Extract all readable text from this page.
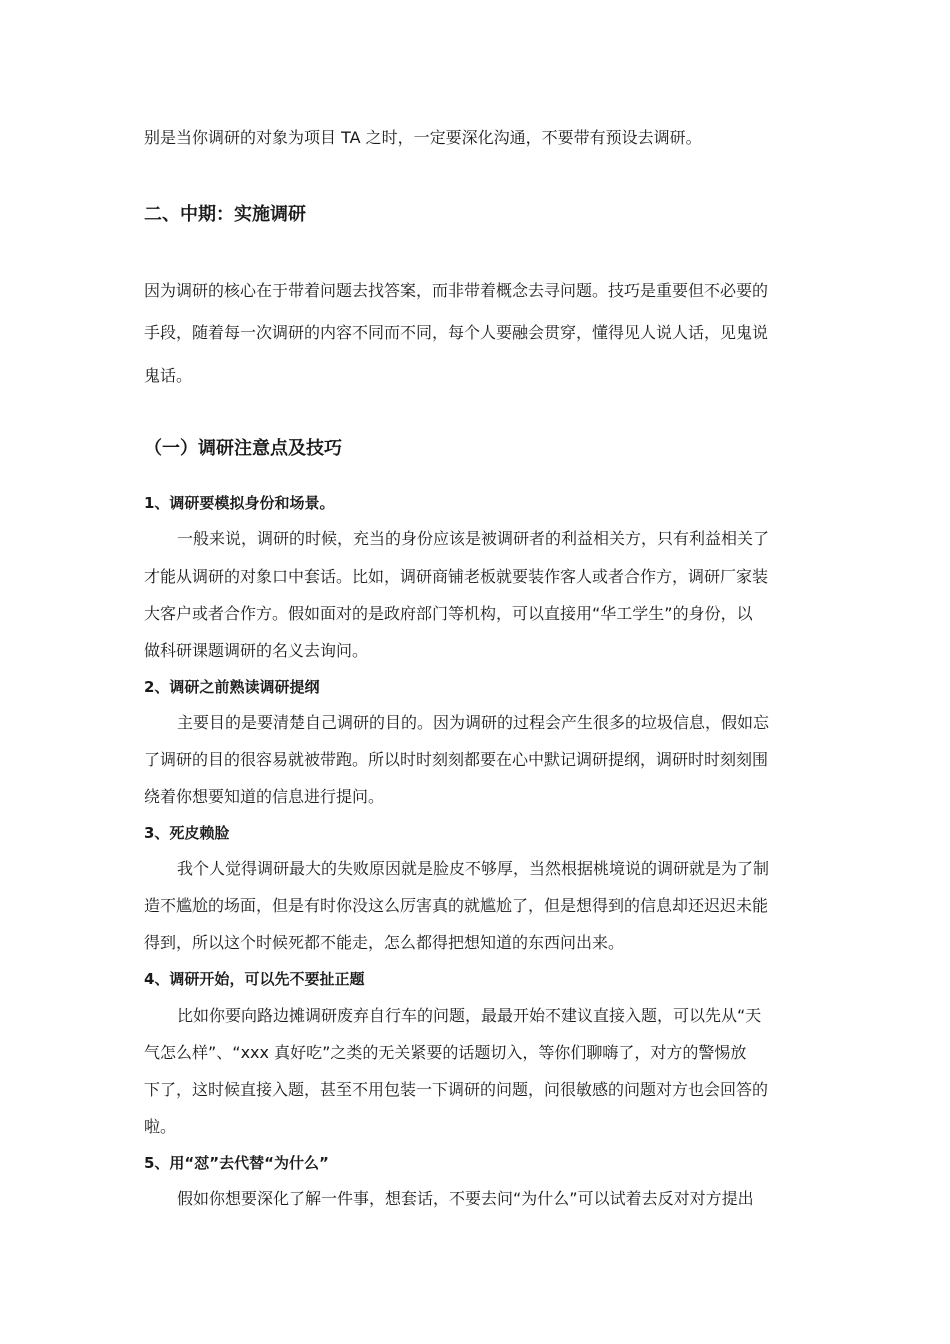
别是当你调研的对象为项目 TA 之时，一定要深化沟通，不要带有预设去调研。
二、中期：实施调研
因为调研的核心在于带着问题去找答案，而非带着概念去寻问题。技巧是重要但不必要的
手段，随着每一次调研的内容不同而不同，每个人要融会贯穿，懂得见人说人话，见鬼说
鬼话。
（一）调研注意点及技巧
1、调研要模拟身份和场景。
一般来说，调研的时候，充当的身份应该是被调研者的利益相关方，只有利益相关了
才能从调研的对象口中套话。比如，调研商铺老板就要装作客人或者合作方，调研厂家装
大客户或者合作方。假如面对的是政府部门等机构，可以直接用“华工学生”的身份，以
做科研课题调研的名义去询问。
2、调研之前熟读调研提纲
主要目的是要清楚自己调研的目的。因为调研的过程会产生很多的垃圾信息，假如忘
了调研的目的很容易就被带跑。所以时时刻刻都要在心中默记调研提纲，调研时时刻刻围
绕着你想要知道的信息进行提问。
3、死皮赖脸
我个人觉得调研最大的失败原因就是脸皮不够厚，当然根据桃境说的调研就是为了制
造不尴尬的场面，但是有时你没这么厉害真的就尴尬了，但是想得到的信息却还迟迟未能
得到，所以这个时候死都不能走，怎么都得把想知道的东西问出来。
4、调研开始，可以先不要扯正题
比如你要向路边摊调研废弃自行车的问题，最最开始不建议直接入题，可以先从“天
气怎么样”、“xxx 真好吃”之类的无关紧要的话题切入，等你们聊嗨了，对方的警惕放
下了，这时候直接入题，甚至不用包装一下调研的问题，问很敏感的问题对方也会回答的
啦。
5、用“怼”去代替“为什么”
假如你想要深化了解一件事，想套话，不要去问“为什么”可以试着去反对对方提出
